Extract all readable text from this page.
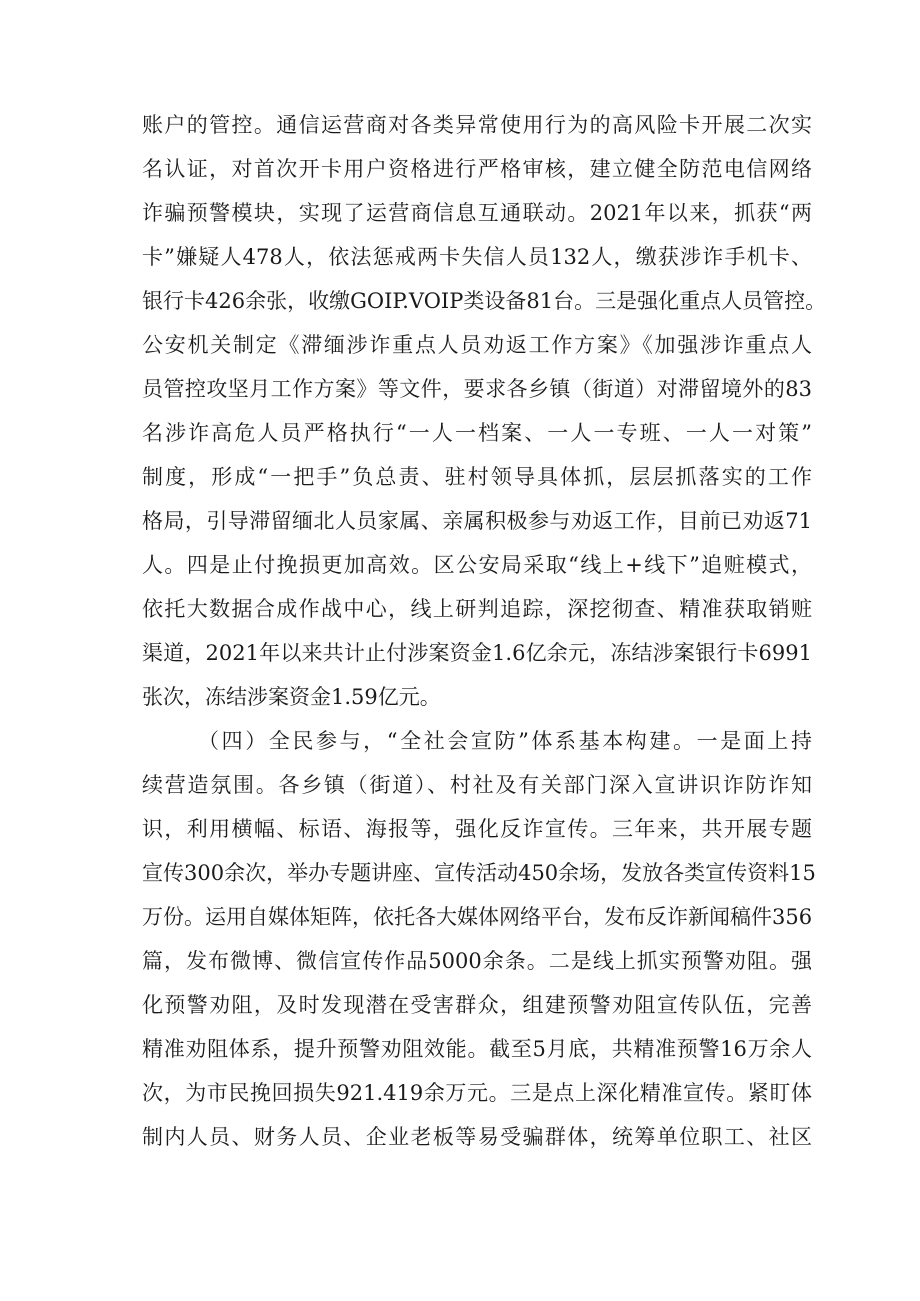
账户的管控。通信运营商对各类异常使用行为的高风险卡开展二次实
名认证，对首次开卡用户资格进行严格审核，建立健全防范电信网络
诈骗预警模块，实现了运营商信息互通联动。2021年以来，抓获“两
卡”嫌疑人478人，依法惩戒两卡失信人员132人，缴获涉诈手机卡、
银行卡426余张，收缴GOIP.VOIP类设备81台。三是强化重点人员管控。
公安机关制定《滞缅涉诈重点人员劝返工作方案》《加强涉诈重点人
员管控攻坚月工作方案》等文件，要求各乡镇（街道）对滞留境外的83
名涉诈高危人员严格执行“一人一档案、一人一专班、一人一对策”
制度，形成“一把手”负总责、驻村领导具体抓，层层抓落实的工作
格局，引导滞留缅北人员家属、亲属积极参与劝返工作，目前已劝返71
人。四是止付挽损更加高效。区公安局采取“线上+线下”追赃模式，
依托大数据合成作战中心，线上研判追踪，深挖彻查、精准获取销赃
渠道，2021年以来共计止付涉案资金1.6亿余元，冻结涉案银行卡6991
张次，冻结涉案资金1.59亿元。
（四）全民参与，“全社会宣防”体系基本构建。一是面上持
续营造氛围。各乡镇（街道）、村社及有关部门深入宣讲识诈防诈知
识，利用横幅、标语、海报等，强化反诈宣传。三年来，共开展专题
宣传300余次，举办专题讲座、宣传活动450余场，发放各类宣传资料15
万份。运用自媒体矩阵，依托各大媒体网络平台，发布反诈新闻稿件356
篇，发布微博、微信宣传作品5000余条。二是线上抓实预警劝阻。强
化预警劝阻，及时发现潜在受害群众，组建预警劝阻宣传队伍，完善
精准劝阻体系，提升预警劝阻效能。截至5月底，共精准预警16万余人
次，为市民挽回损失921.419余万元。三是点上深化精准宣传。紧盯体
制内人员、财务人员、企业老板等易受骗群体，统筹单位职工、社区
